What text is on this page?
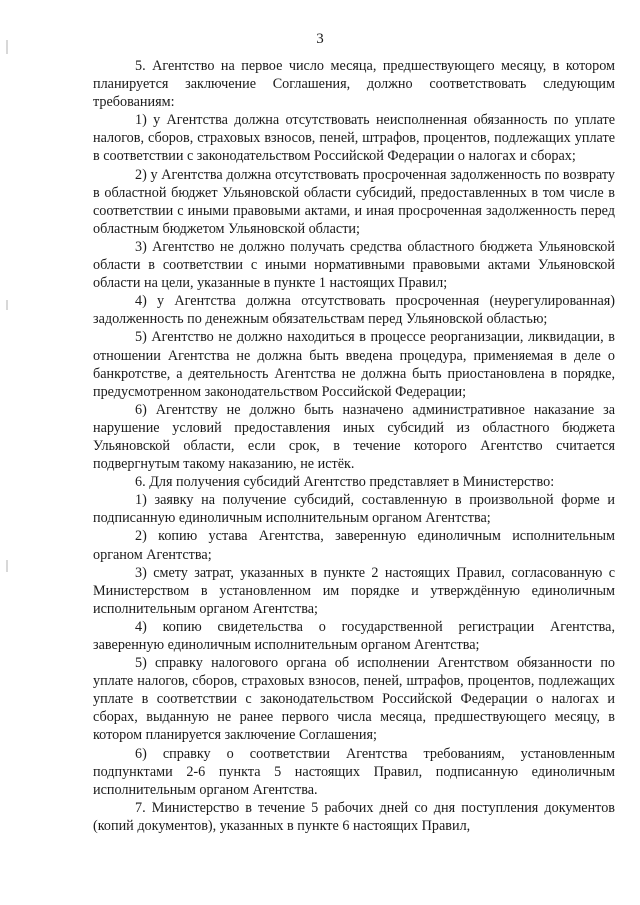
3

5. Агентство на первое число месяца, предшествующего месяцу, в котором планируется заключение Соглашения, должно соответствовать следующим требованиям:

1) у Агентства должна отсутствовать неисполненная обязанность по уплате налогов, сборов, страховых взносов, пеней, штрафов, процентов, подлежащих уплате в соответствии с законодательством Российской Федерации о налогах и сборах;

2) у Агентства должна отсутствовать просроченная задолженность по возврату в областной бюджет Ульяновской области субсидий, предоставленных в том числе в соответствии с иными правовыми актами, и иная просроченная задолженность перед областным бюджетом Ульяновской области;

3) Агентство не должно получать средства областного бюджета Ульяновской области в соответствии с иными нормативными правовыми актами Ульяновской области на цели, указанные в пункте 1 настоящих Правил;

4) у Агентства должна отсутствовать просроченная (неурегулированная) задолженность по денежным обязательствам перед Ульяновской областью;

5) Агентство не должно находиться в процессе реорганизации, ликвидации, в отношении Агентства не должна быть введена процедура, применяемая в деле о банкротстве, а деятельность Агентства не должна быть приостановлена в порядке, предусмотренном законодательством Российской Федерации;

6) Агентству не должно быть назначено административное наказание за нарушение условий предоставления иных субсидий из областного бюджета Ульяновской области, если срок, в течение которого Агентство считается подвергнутым такому наказанию, не истёк.

6. Для получения субсидий Агентство представляет в Министерство:

1) заявку на получение субсидий, составленную в произвольной форме и подписанную единоличным исполнительным органом Агентства;

2) копию устава Агентства, заверенную единоличным исполнительным органом Агентства;

3) смету затрат, указанных в пункте 2 настоящих Правил, согласованную с Министерством в установленном им порядке и утверждённую единоличным исполнительным органом Агентства;

4) копию свидетельства о государственной регистрации Агентства, заверенную единоличным исполнительным органом Агентства;

5) справку налогового органа об исполнении Агентством обязанности по уплате налогов, сборов, страховых взносов, пеней, штрафов, процентов, подлежащих уплате в соответствии с законодательством Российской Федерации о налогах и сборах, выданную не ранее первого числа месяца, предшествующего месяцу, в котором планируется заключение Соглашения;

6) справку о соответствии Агентства требованиям, установленным подпунктами 2-6 пункта 5 настоящих Правил, подписанную единоличным исполнительным органом Агентства.

7. Министерство в течение 5 рабочих дней со дня поступления документов (копий документов), указанных в пункте 6 настоящих Правил,
